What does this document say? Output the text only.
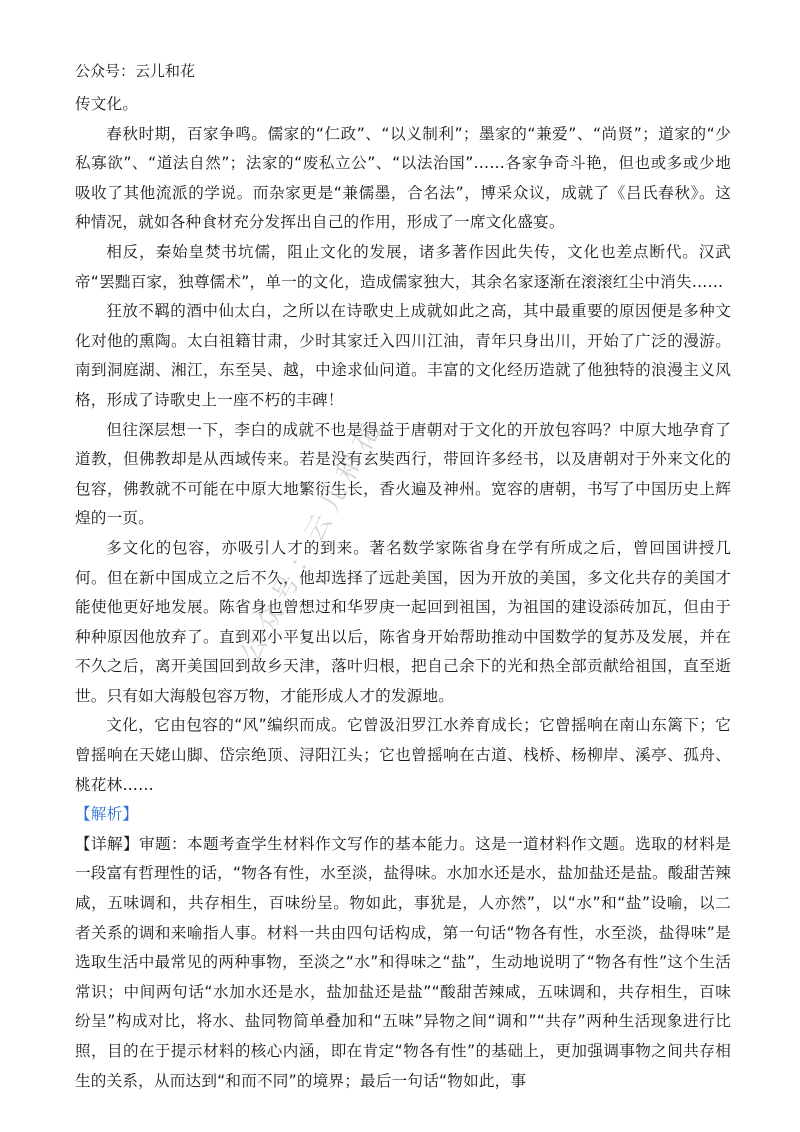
公众号：云儿和花

传文化。

春秋时期，百家争鸣。儒家的“仁政”、“以义制利”；墨家的“兼爱”、“尚贤”；道家的“少私寡欲”、“道法自然”；法家的“废私立公”、“以法治国”……各家争奇斗艳，但也或多或少地吸收了其他流派的学说。而杂家更是“兼儒墨，合名法”，博采众议，成就了《吕氏春秋》。这种情况，就如各种食材充分发挥出自己的作用，形成了一席文化盛宴。

相反，秦始皇焚书坑儒，阻止文化的发展，诸多著作因此失传，文化也差点断代。汉武帝“罢黜百家，独尊儒术”，单一的文化，造成儒家独大，其余名家逐渐在滚滚红尘中消失……

狂放不羁的酒中仙太白，之所以在诗歌史上成就如此之高，其中最重要的原因便是多种文化对他的熏陶。太白祖籍甘肃，少时其家迁入四川江油，青年只身出川，开始了广泛的漫游。南到洞庭湖、湘江，东至吴、越，中途求仙问道。丰富的文化经历造就了他独特的浪漫主义风格，形成了诗歌史上一座不朽的丰碑！

但往深层想一下，李白的成就不也是得益于唐朝对于文化的开放包容吗？中原大地孕育了道教，但佛教却是从西域传来。若是没有玄奘西行，带回许多经书，以及唐朝对于外来文化的包容，佛教就不可能在中原大地繁衍生长，香火遍及神州。宽容的唐朝，书写了中国历史上辉煌的一页。

多文化的包容，亦吸引人才的到来。著名数学家陈省身在学有所成之后，曾回国讲授几何。但在新中国成立之后不久，他却选择了远赴美国，因为开放的美国，多文化共存的美国才能使他更好地发展。陈省身也曾想过和华罗庚一起回到祖国，为祖国的建设添砖加瓦，但由于种种原因他放弃了。直到邓小平复出以后，陈省身开始帮助推动中国数学的复苏及发展，并在不久之后，离开美国回到故乡天津，落叶归根，把自己余下的光和热全部贡献给祖国，直至逝世。只有如大海般包容万物，才能形成人才的发源地。

文化，它由包容的“风”编织而成。它曾汲汨罗江水养育成长；它曾摇响在南山东篱下；它曾摇响在天姥山脚、岱宗绝顶、浔阳江头；它也曾摇响在古道、栈桥、杨柳岸、溪亭、孤舟、桃花林……

【解析】

【详解】审题：本题考查学生材料作文写作的基本能力。这是一道材料作文题。选取的材料是一段富有哲理性的话，“物各有性，水至淡，盐得味。水加水还是水，盐加盐还是盐。酸甜苦辣咸，五味调和，共存相生，百味纷呈。物如此，事犹是，人亦然”，以“水”和“盐”设喻，以二者关系的调和来喻指人事。材料一共由四句话构成，第一句话“物各有性，水至淡，盐得味”是选取生活中最常见的两种事物，至淡之“水”和得味之“盐”，生动地说明了“物各有性”这个生活常识；中间两句话“水加水还是水，盐加盐还是盐”“酸甜苦辣咸，五味调和，共存相生，百味纷呈”构成对比，将水、盐同物简单叠加和“五味”异物之间“调和”“共存”两种生活现象进行比照，目的在于提示材料的核心内涵，即在肯定“物各有性”的基础上，更加强调事物之间共存相生的关系，从而达到“和而不同”的境界；最后一句话“物如此，事

公众号：云儿和花
